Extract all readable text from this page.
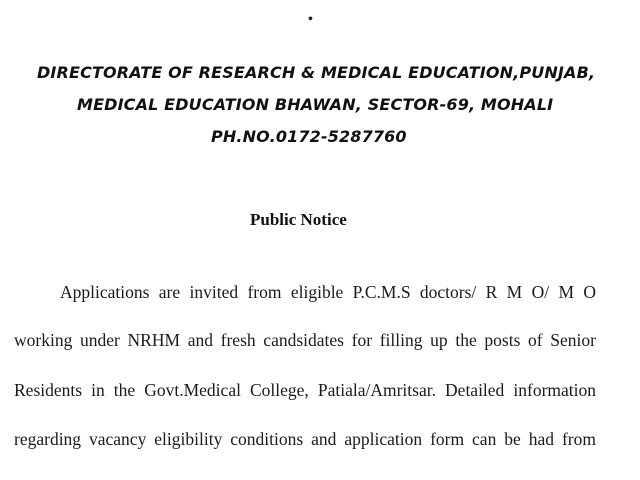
•
DIRECTORATE OF RESEARCH & MEDICAL EDUCATION,PUNJAB,
MEDICAL EDUCATION BHAWAN, SECTOR-69, MOHALI
PH.NO.0172-5287760
Public Notice
Applications are invited from eligible P.C.M.S doctors/ R M O/ M O
working under NRHM and fresh candsidates for filling up the posts of Senior
Residents in the Govt.Medical College, Patiala/Amritsar. Detailed information
regarding vacancy eligibility conditions and application form can be had from
